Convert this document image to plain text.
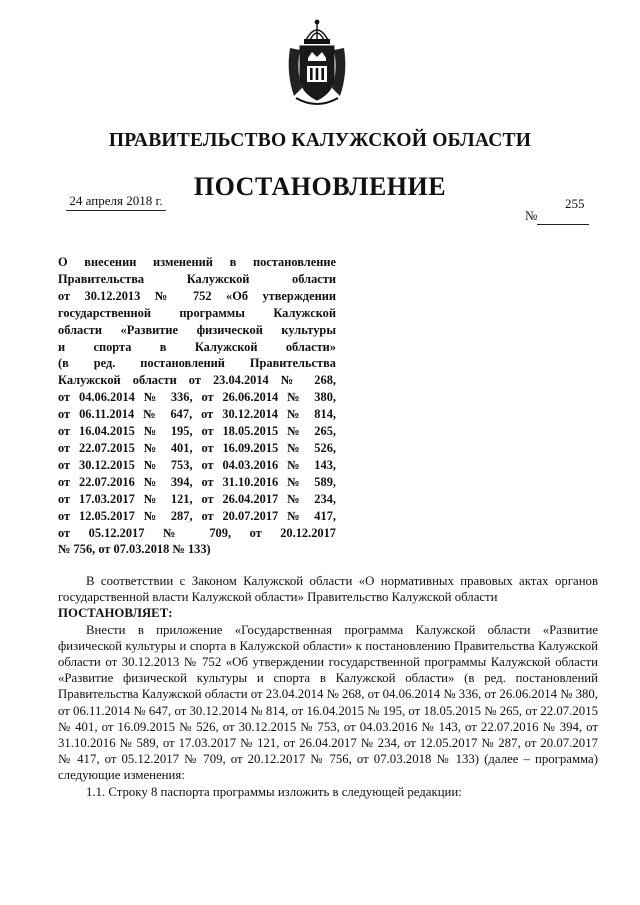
ПРАВИТЕЛЬСТВО КАЛУЖСКОЙ ОБЛАСТИ
ПОСТАНОВЛЕНИЕ
24 апреля 2018 г.	255
№
О внесении изменений в постановление
Правительства Калужской области
от 30.12.2013 № 752 «Об утверждении
государственной программы Калужской
области «Развитие физической культуры
и спорта в Калужской области»
(в ред. постановлений Правительства
Калужской области от 23.04.2014 № 268,
от 04.06.2014 № 336, от 26.06.2014 № 380,
от 06.11.2014 № 647, от 30.12.2014 № 814,
от 16.04.2015 № 195, от 18.05.2015 № 265,
от 22.07.2015 № 401, от 16.09.2015 № 526,
от 30.12.2015 № 753, от 04.03.2016 № 143,
от 22.07.2016 № 394, от 31.10.2016 № 589,
от 17.03.2017 № 121, от 26.04.2017 № 234,
от 12.05.2017 № 287, от 20.07.2017 № 417,
от 05.12.2017 № 709, от 20.12.2017
№ 756, от 07.03.2018 № 133)

В соответствии с Законом Калужской области «О нормативных правовых актах органов государственной власти Калужской области» Правительство Калужской области

ПОСТАНОВЛЯЕТ:

Внести в приложение «Государственная программа Калужской области «Развитие физической культуры и спорта в Калужской области» к постановлению Правительства Калужской области от 30.12.2013 № 752 «Об утверждении государственной программы Калужской области «Развитие физической культуры и спорта в Калужской области» (в ред. постановлений Правительства Калужской области от 23.04.2014 № 268, от 04.06.2014 № 336, от 26.06.2014 № 380, от 06.11.2014 № 647, от 30.12.2014 № 814, от 16.04.2015 № 195, от 18.05.2015 № 265, от 22.07.2015 № 401, от 16.09.2015 № 526, от 30.12.2015 № 753, от 04.03.2016 № 143, от 22.07.2016 № 394, от 31.10.2016 № 589, от 17.03.2017 № 121, от 26.04.2017 № 234, от 12.05.2017 № 287, от 20.07.2017 № 417, от 05.12.2017 № 709, от 20.12.2017 № 756, от 07.03.2018 № 133) (далее – программа) следующие изменения:

1.1. Строку 8 паспорта программы изложить в следующей редакции:
